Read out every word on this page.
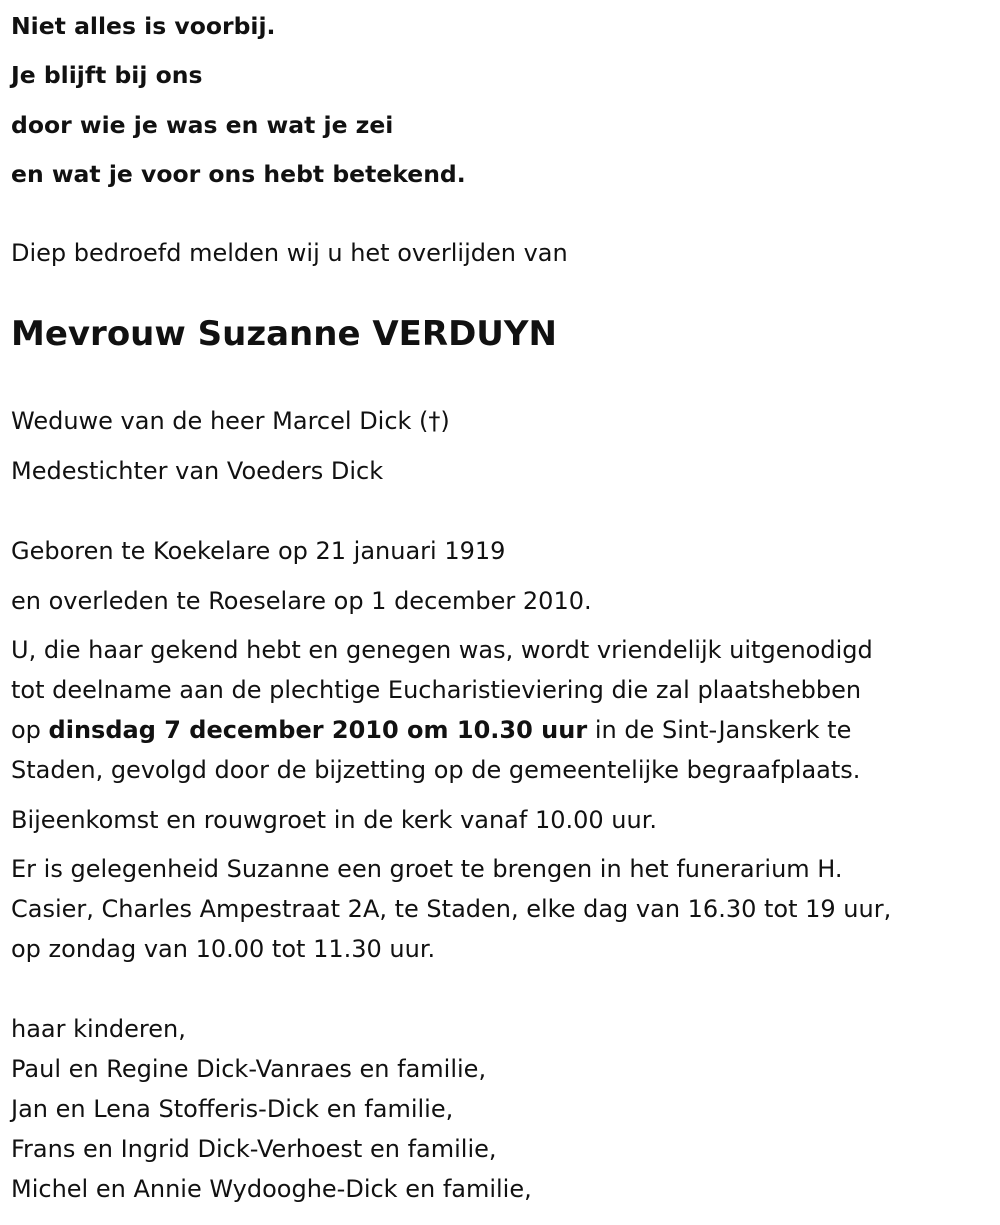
Niet alles is voorbij.

Je blijft bij ons

door wie je was en wat je zei

en wat je voor ons hebt betekend.

Diep bedroefd melden wij u het overlijden van

Mevrouw Suzanne VERDUYN

Weduwe van de heer Marcel Dick (†)

Medestichter van Voeders Dick

Geboren te Koekelare op 21 januari 1919

en overleden te Roeselare op 1 december 2010.

U, die haar gekend hebt en genegen was, wordt vriendelijk uitgenodigd

tot deelname aan de plechtige Eucharistieviering die zal plaatshebben

op dinsdag 7 december 2010 om 10.30 uur in de Sint-Janskerk te

Staden, gevolgd door de bijzetting op de gemeentelijke begraafplaats.

Bijeenkomst en rouwgroet in de kerk vanaf 10.00 uur.

Er is gelegenheid Suzanne een groet te brengen in het funerarium H.

Casier, Charles Ampestraat 2A, te Staden, elke dag van 16.30 tot 19 uur,

op zondag van 10.00 tot 11.30 uur.

haar kinderen,

Paul en Regine Dick-Vanraes en familie,

Jan en Lena Stofferis-Dick en familie,

Frans en Ingrid Dick-Verhoest en familie,

Michel en Annie Wydooghe-Dick en familie,
